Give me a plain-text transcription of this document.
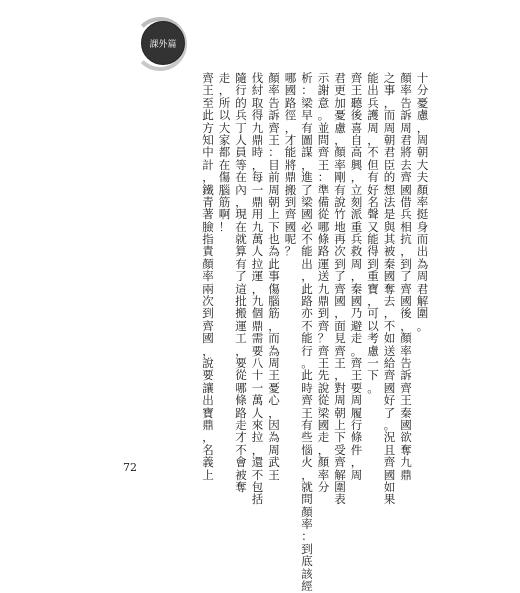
課外篇
十
分
憂
慮
，
周
朝
大
夫
顏
率
挺
身
而
出
為
周
君
解
圍
。
顏
率
告
訴
周
君
將
去
齊
國
借
兵
相
抗
，
到
了
齊
國
後
，
顏
率
告
訴
齊
王
秦
國
欲
奪
九
鼎
之
事
，
而
周
朝
君
臣
的
想
法
是
與
其
被
秦
國
奪
去
，
不
如
送
給
齊
國
好
了
。
況
且
齊
國
如
果
能
出
兵
護
周
，
不
但
有
好
名
聲
又
能
得
到
重
寶
，
可
以
考
慮
一
下
。
齊
王
聽
後
喜
自
高
興
，
立
刻
派
重
兵
救
周
，
秦
國
乃
避
走
。
齊
王
要
周
履
行
條
件
，
周
君
更
加
憂
慮
，
顏
率
剛
有
說
竹
地
再
次
到
了
齊
國
，
面
見
齊
王
，
對
周
朝
上
下
受
齊
解
圍
表
示
謝
意
。
並
問
齊
王
：
準
備
從
哪
條
路
運
送
九
鼎
到
齊
？
齊
王
先
說
從
梁
國
走
，
顏
率
分
析
：
梁
早
有
圖
謀
，
進
了
梁
國
必
不
能
出
，
此
路
亦
不
能
行
。
此
時
齊
王
有
些
惱
火
，
就
問
顏
率
：
到
底
該
經
哪
國
路
徑
，
才
能
將
鼎
搬
到
齊
國
呢
？
顏
率
告
訴
齊
王
：
目
前
周
朝
上
下
也
為
此
事
傷
腦
筋
，
而
為
周
王
憂
心
，
因
為
周
武
王
伐
紂
取
得
九
鼎
時
，
每
一
鼎
用
九
萬
人
拉
運
，
九
個
鼎
需
要
八
十
一
萬
人
來
拉
，
還
不
包
括
隨
行
的
兵
丁
人
員
等
在
內
，
現
在
就
算
有
了
這
批
搬
運
工
，
要
從
哪
條
路
走
才
不
會
被
奪
走
，
所
以
大
家
都
在
傷
腦
筋
啊
！
齊
王
至
此
方
知
中
計
，
鐵
青
著
臉
指
責
顏
率
兩
次
到
齊
國
，
說
要
讓
出
寶
鼎
，
名
義
上
72
